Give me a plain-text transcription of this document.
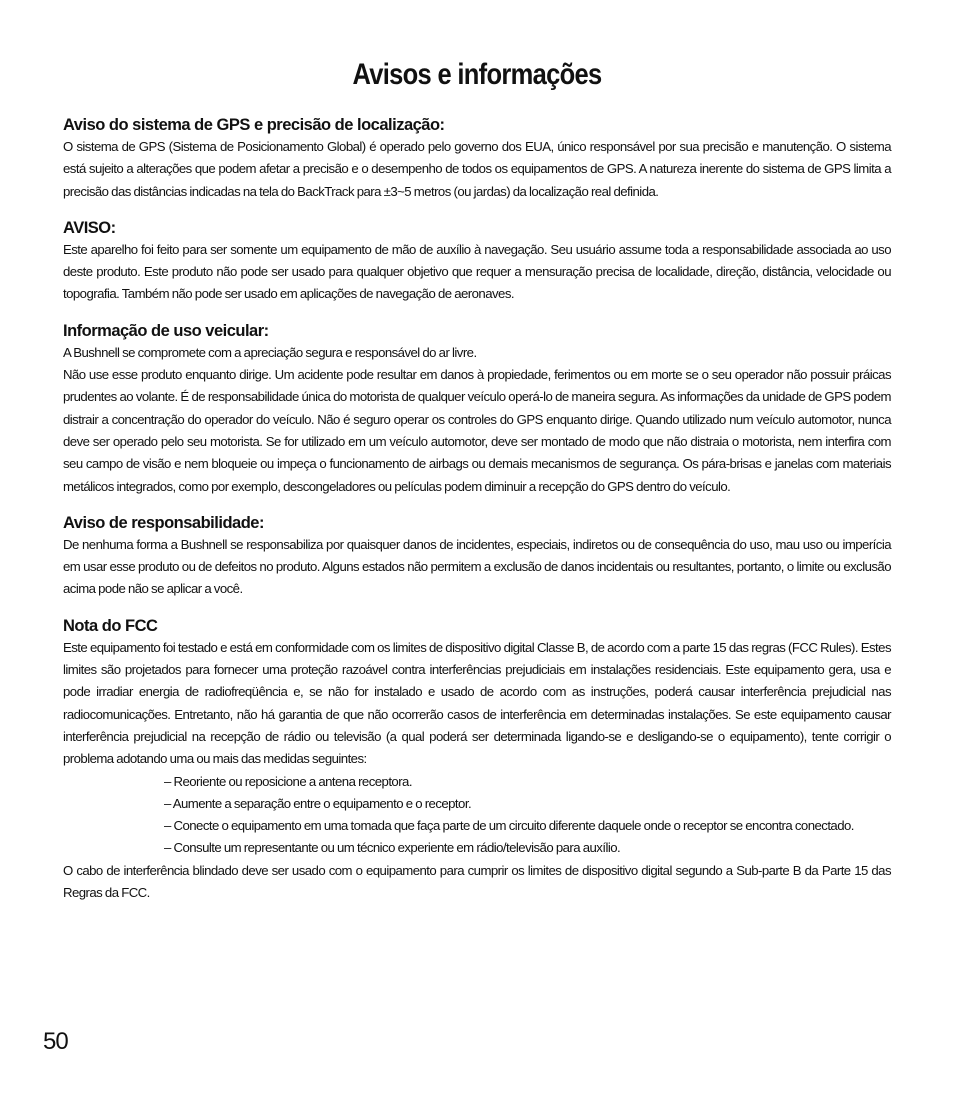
Avisos e informações
Aviso do sistema de GPS e precisão de localização:

O sistema de GPS (Sistema de Posicionamento Global) é operado pelo governo dos EUA, único responsável por sua precisão e manutenção. O sistema está sujeito a alterações que podem afetar a precisão e o desempenho de todos os equipamentos de GPS. A natureza inerente do sistema de GPS limita a precisão das distâncias indicadas na tela do BackTrack para ±3~5 metros (ou jardas) da localização real definida.

AVISO:

Este aparelho foi feito para ser somente um equipamento de mão de auxílio à navegação. Seu usuário assume toda a responsabilidade associada ao uso deste produto. Este produto não pode ser usado para qualquer objetivo que requer a mensuração precisa de localidade, direção, distância, velocidade ou topografia. Também não pode ser usado em aplicações de navegação de aeronaves.

Informação de uso veicular:

A Bushnell se compromete com a apreciação segura e responsável do ar livre.

Não use esse produto enquanto dirige. Um acidente pode resultar em danos à propiedade, ferimentos ou em morte se o seu operador não possuir práicas prudentes ao volante. É de responsabilidade única do motorista de qualquer veículo operá-lo de maneira segura. As informações da unidade de GPS podem distrair a concentração do operador do veículo. Não é seguro operar os controles do GPS enquanto dirige. Quando utilizado num veículo automotor, nunca deve ser operado pelo seu motorista. Se for utilizado em um veículo automotor, deve ser montado de modo que não distraia o motorista, nem interfira com seu campo de visão e nem bloqueie ou impeça o funcionamento de airbags ou demais mecanismos de segurança. Os pára-brisas e janelas com materiais metálicos integrados, como por exemplo, descongeladores ou películas podem diminuir a recepção do GPS dentro do veículo.

Aviso de responsabilidade:

De nenhuma forma a Bushnell se responsabiliza por quaisquer danos de incidentes, especiais, indiretos ou de consequência do uso, mau uso ou imperícia em usar esse produto ou de defeitos no produto. Alguns estados não permitem a exclusão de danos incidentais ou resultantes, portanto, o limite ou exclusão acima pode não se aplicar a você.

Nota do FCC

Este equipamento foi testado e está em conformidade com os limites de dispositivo digital Classe B, de acordo com a parte 15 das regras (FCC Rules). Estes limites são projetados para fornecer uma proteção razoável contra interferências prejudiciais em instalações residenciais. Este equipamento gera, usa e pode irradiar energia de radiofreqüência e, se não for instalado e usado de acordo com as instruções, poderá causar interferência prejudicial nas radiocomunicações. Entretanto, não há garantia de que não ocorrerão casos de interferência em determinadas instalações. Se este equipamento causar interferência prejudicial na recepção de rádio ou televisão (a qual poderá ser determinada ligando-se e desligando-se o equipamento), tente corrigir o problema adotando uma ou mais das medidas seguintes:

– Reoriente ou reposicione a antena receptora.
– Aumente a separação entre o equipamento e o receptor.
– Conecte o equipamento em uma tomada que faça parte de um circuito diferente daquele onde o receptor se encontra conectado.
– Consulte um representante ou um técnico experiente em rádio/televisão para auxílio.

O cabo de interferência blindado deve ser usado com o equipamento para cumprir os limites de dispositivo digital segundo a Sub-parte B da Parte 15 das Regras da FCC.

50
